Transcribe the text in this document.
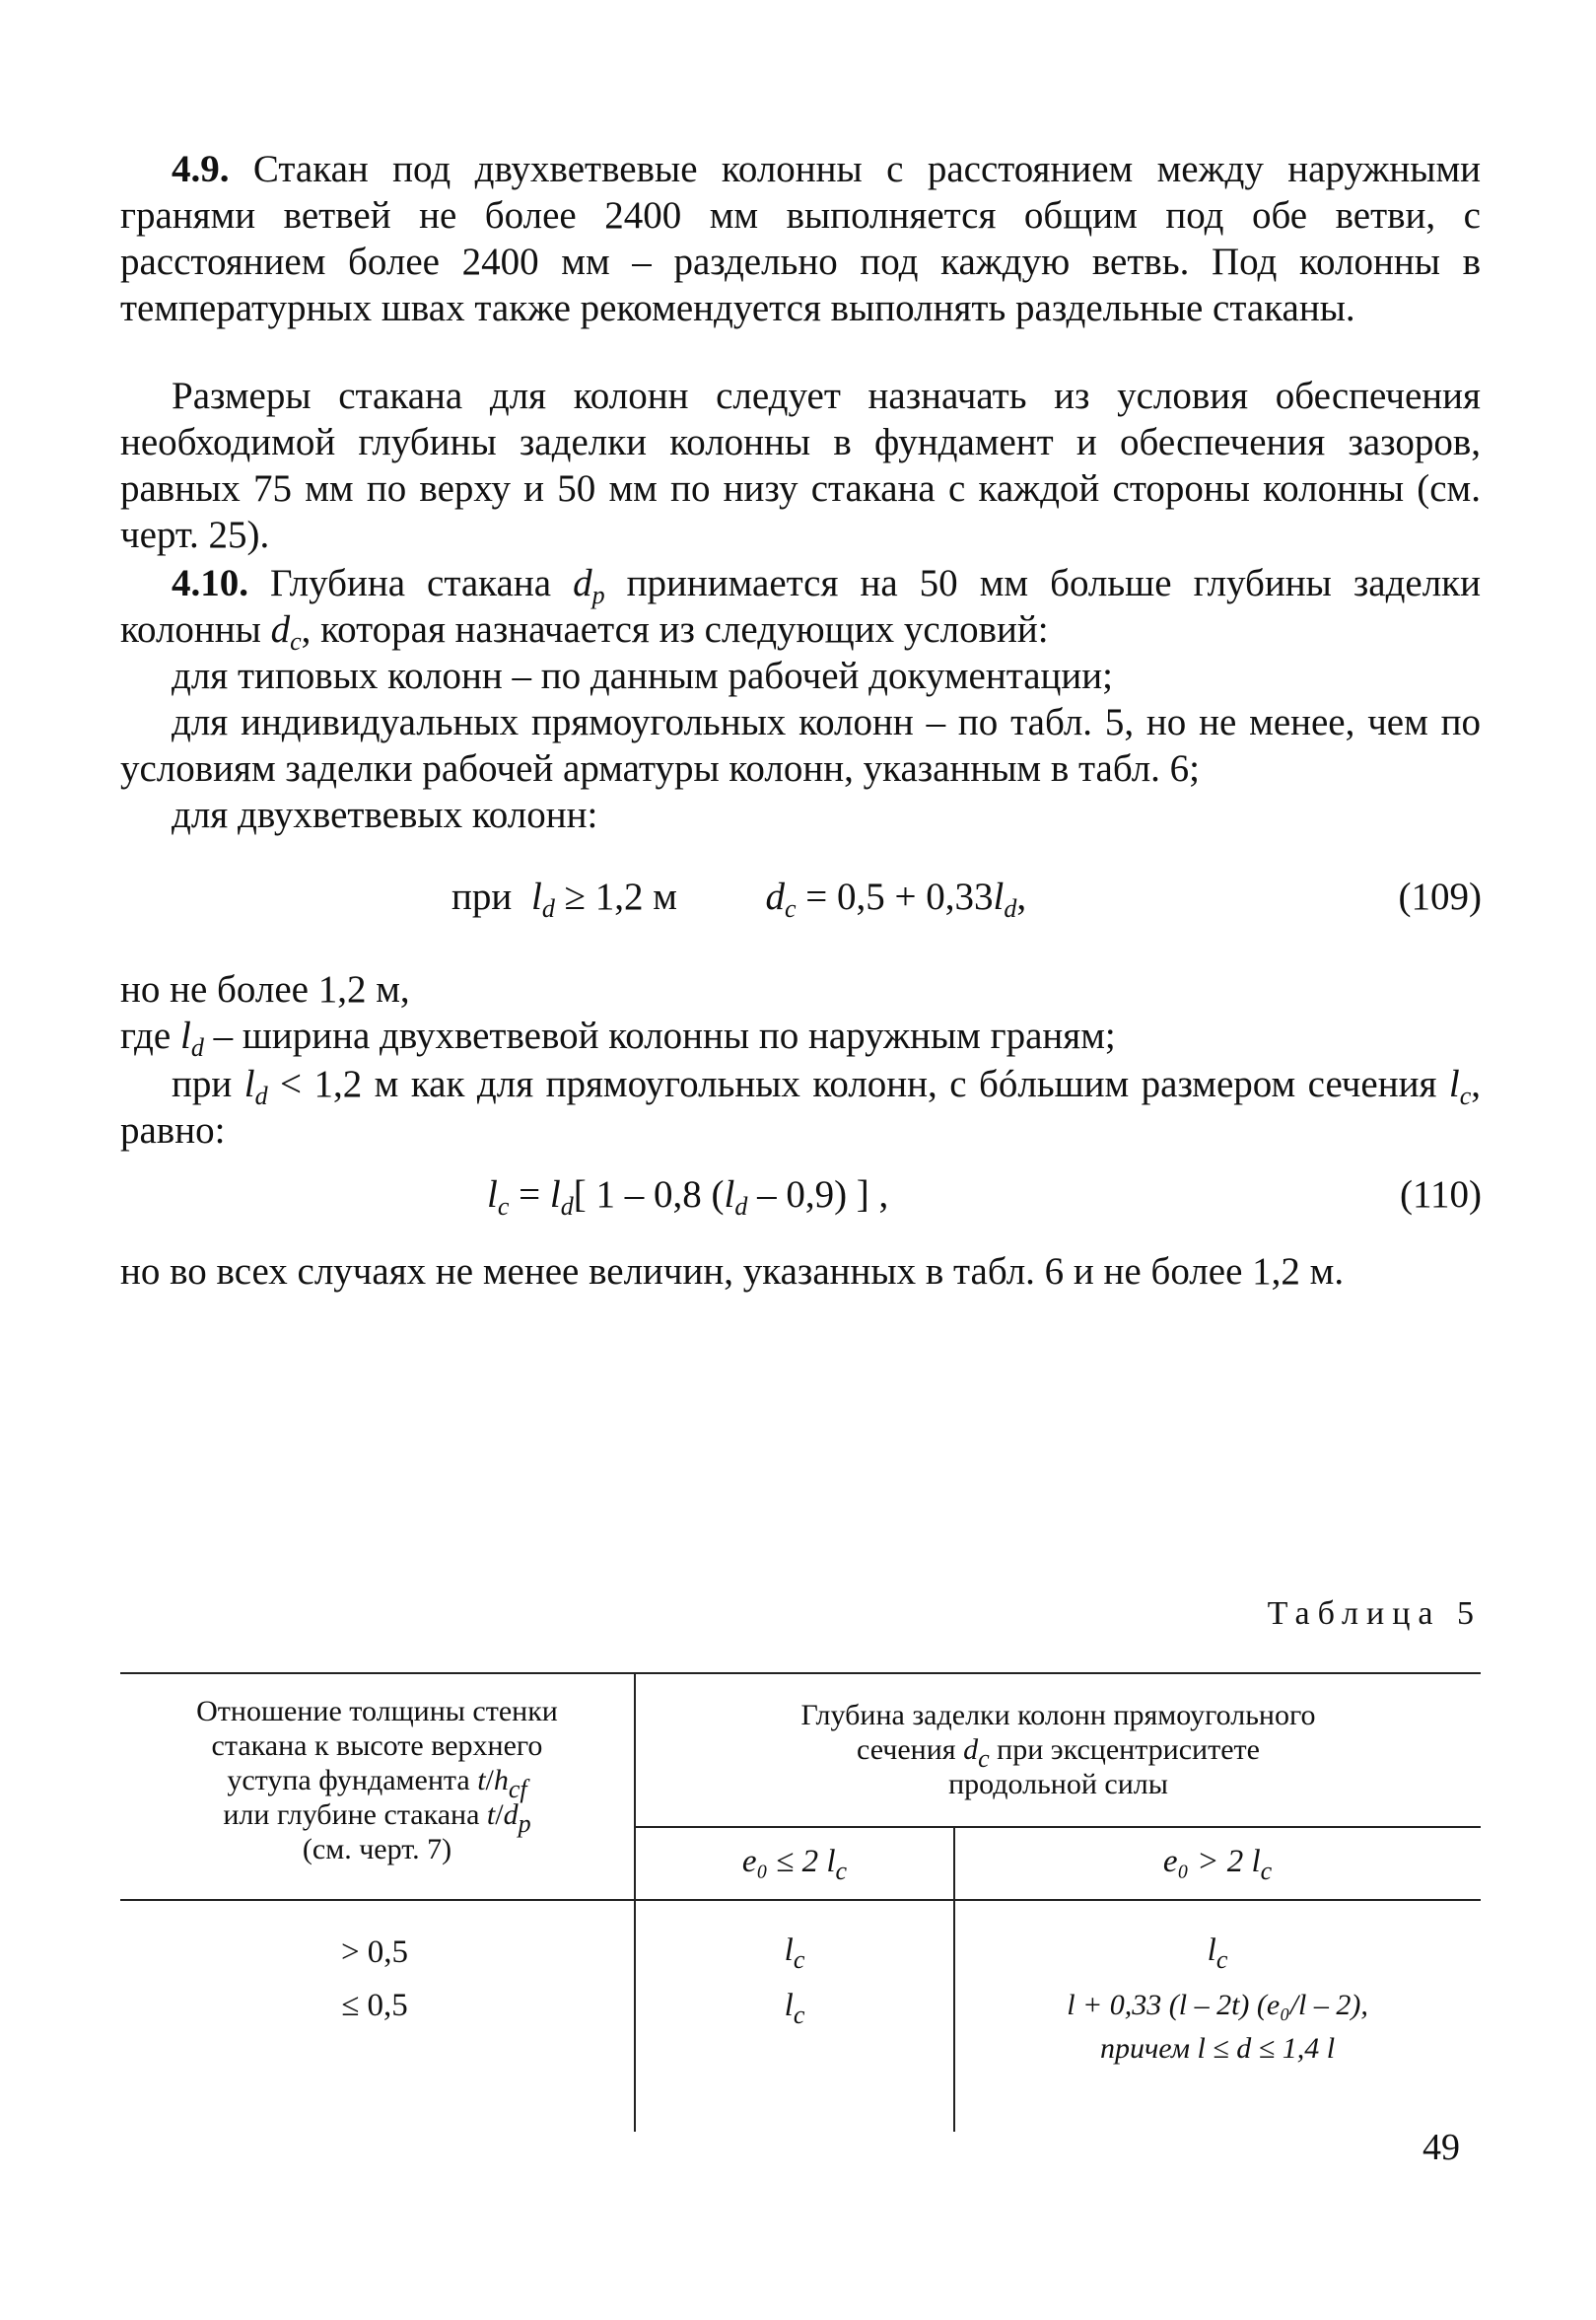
4.9. Стакан под двухветвевые колонны с расстоянием между наружными гранями ветвей не более 2400 мм выполняется общим под обе ветви, с расстоянием более 2400 мм – раздельно под каждую ветвь. Под колонны в температурных швах также рекомендуется выполнять раздельные стаканы.

Размеры стакана для колонн следует назначать из условия обеспечения необходимой глубины заделки колонны в фундамент и обеспечения зазоров, равных 75 мм по верху и 50 мм по низу стакана с каждой стороны колонны (см. черт. 25).

4.10. Глубина стакана $d_p$ принимается на 50 мм больше глубины заделки колонны $d_c$, которая назначается из следующих условий:

для типовых колонн – по данным рабочей документации;

для индивидуальных прямоугольных колонн – по табл. 5, но не менее, чем по условиям заделки рабочей арматуры колонн, указанным в табл. 6;

для двухветвевых колонн:

при $l_d \ge 1,2$ м $d_c = 0,5 + 0,33l_d$,	(109)

но не более 1,2 м,

где $l_d$ – ширина двухветвевой колонны по наружным граням;

при $l_d < 1,2$ м как для прямоугольных колонн, с бóльшим размером сечения $l_c$, равно:

$l_c = l_d$[ 1 – 0,8 $(l_d - 0,9)$ ] ,	(110)

но во всех случаях не менее величин, указанных в табл. 6 и не более 1,2 м.

Таблица 5
Отношение толщины стенки
стакана к высоте верхнего
уступа фундамента $t/h_{cf}$
или глубине стакана $t/d_p$
(см. черт. 7)
Глубина заделки колонн прямоугольного
сечения $d_c$ при эксцентриситете
продольной силы
e₀ ≤ 2 $l_c$	e₀ > 2 $l_c$
> 0,5	$l_c$	$l_c$
≤ 0,5	$l_c$	l + 0,33 (l – 2t) (e₀/l – 2),
причем l ≤ d ≤ 1,4 l
49
